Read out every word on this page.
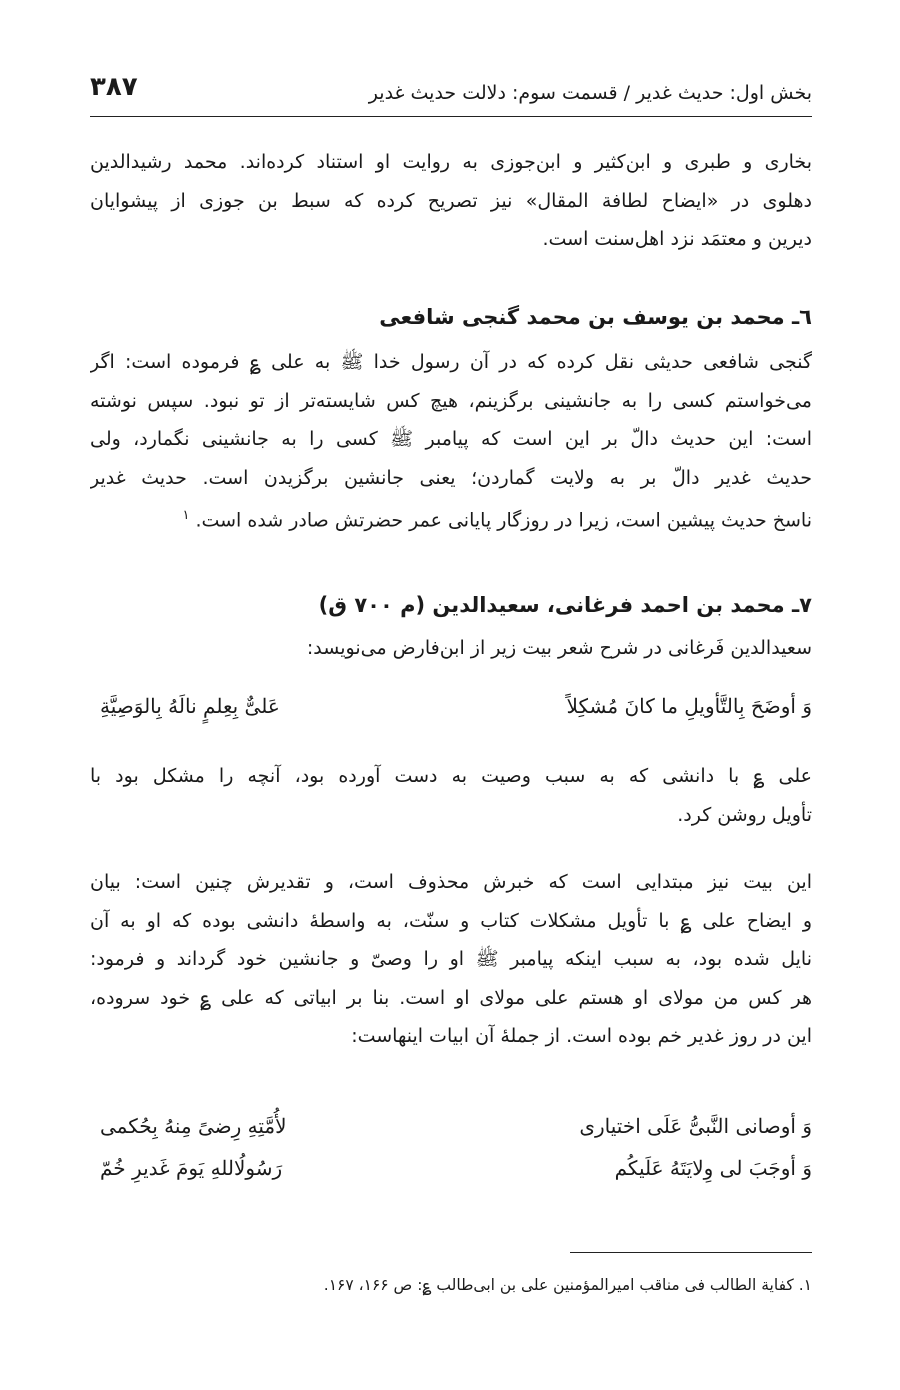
بخش اول: حدیث غدیر / قسمت سوم: دلالت حدیث غدیر
۳۸۷
بخاری و طبری و ابن‌کثیر و ابن‌جوزی به روایت او استناد کرده‌اند. محمد رشیدالدین
دهلوی در «ایضاح لطافة المقال» نیز تصریح کرده که سبط بن جوزی از پیشوایان
دیرین و معتمَد نزد اهل‌سنت است.
٦ـ محمد بن یوسف بن محمد گنجی شافعی
گنجی شافعی حدیثی نقل کرده که در آن رسول خدا ﷺ به علی ؏ فرموده است: اگر
می‌خواستم کسی را به جانشینی برگزینم، هیچ کس شایسته‌تر از تو نبود. سپس نوشته
است: این حدیث دالّ بر این است که پیامبر ﷺ کسی را به جانشینی نگمارد، ولی
حدیث غدیر دالّ بر به ولایت گماردن؛ یعنی جانشین برگزیدن است. حدیث غدیر
ناسخ حدیث پیشین است، زیرا در روزگار پایانی عمر حضرتش صادر شده است.$^۱$
۷ـ محمد بن احمد فرغانی، سعیدالدین (م ۷۰۰ ق)
سعیدالدین فَرغانی در شرح شعر بیت زیر از ابن‌فارض می‌نویسد:
وَ أوضَحَ بِالتَّأویلِ ما کانَ مُشکِلاً
عَلیٌّ بِعِلمٍ نالَهُ بِالوَصِیَّةِ
علی ؏ با دانشی که به سبب وصیت به دست آورده بود، آنچه را مشکل بود با
تأویل روشن کرد.
این بیت نیز مبتدایی است که خبرش محذوف است، و تقدیرش چنین است: بیان
و ایضاح علی ؏ با تأویل مشکلات کتاب و سنّت، به واسطهٔ دانشی بوده که او به آن
نایل شده بود، به سبب اینکه پیامبر ﷺ او را وصیّ و جانشین خود گرداند و فرمود:
هر کس من مولای او هستم علی مولای او است. بنا بر ابیاتی که علی ؏ خود سروده،
این در روز غدیر خم بوده است. از جملهٔ آن ابیات اینهاست:
وَ أوصانی النَّبیُّ عَلَی اختیاری
لأُمَّتِهِ رِضیً مِنهُ بِحُکمی
وَ أوجَبَ لی وِلایَتَهُ عَلَیکُم
رَسُولُاللهِ یَومَ غَدیرِ خُمّ
۱. کفایة الطالب فی مناقب امیرالمؤمنین علی بن ابی‌طالب ؏: ص ۱۶۶، ۱۶۷.
